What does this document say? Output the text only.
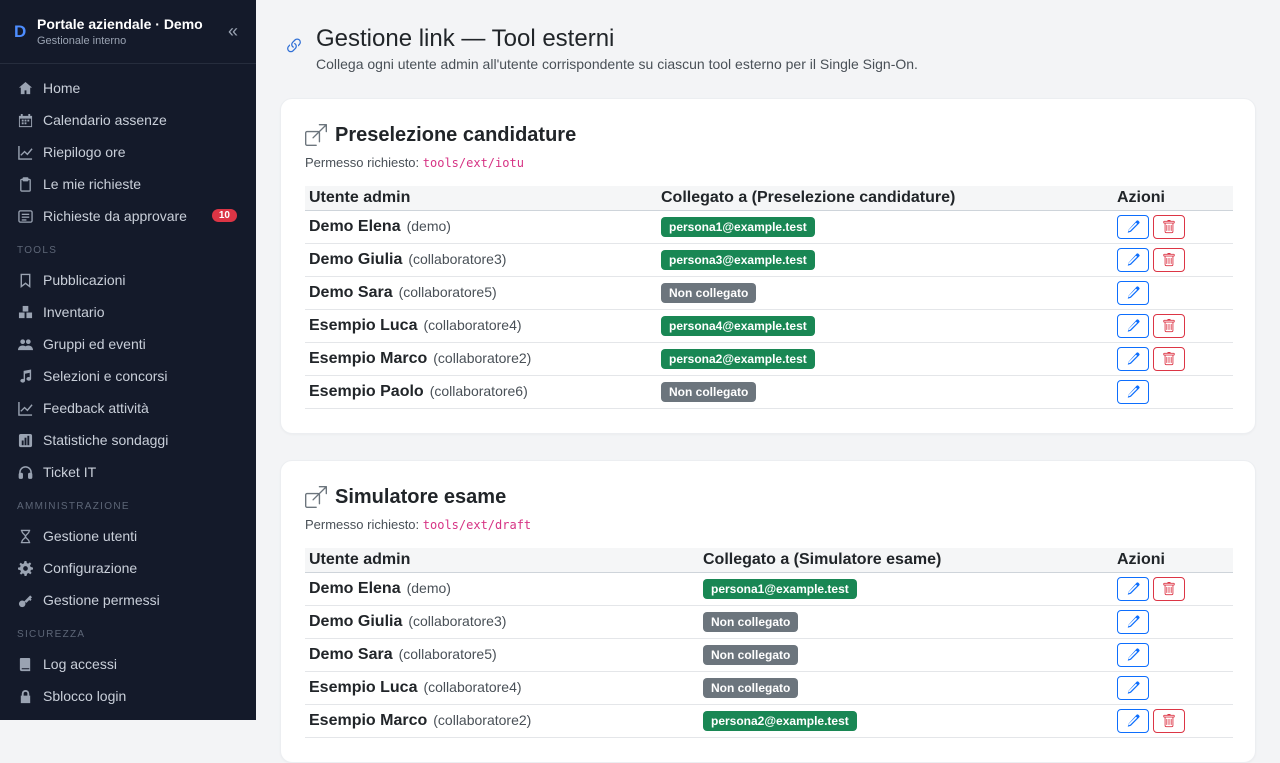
D Portale aziendale · Demo
Gestionale interno	«
Home
Calendario assenze
Riepilogo ore
Le mie richieste
Richieste da approvare	10
TOOLS
Pubblicazioni
Inventario
Gruppi ed eventi
Selezioni e concorsi
Feedback attività
Statistiche sondaggi
Ticket IT
AMMINISTRAZIONE
Gestione utenti
Configurazione
Gestione permessi
SICUREZZA
Log accessi
Sblocco login
Gestione link — Tool esterni
Collega ogni utente admin all'utente corrispondente su ciascun tool esterno per il Single Sign-On.
Preselezione candidature
Permesso richiesto: tools/ext/iotu
Utente admin	Collegato a (Preselezione candidature)	Azioni
Demo Elena (demo)	persona1@example.test	

Demo Giulia (collaboratore3)	persona3@example.test	

Demo Sara (collaboratore5)	Non collegato	

Esempio Luca (collaboratore4)	persona4@example.test	

Esempio Marco (collaboratore2)	persona2@example.test	

Esempio Paolo (collaboratore6)	Non collegato	
Simulatore esame
Permesso richiesto: tools/ext/draft
Utente admin	Collegato a (Simulatore esame)	Azioni
Demo Elena (demo)	persona1@example.test	

Demo Giulia (collaboratore3)	Non collegato	

Demo Sara (collaboratore5)	Non collegato	

Esempio Luca (collaboratore4)	Non collegato	

Esempio Marco (collaboratore2)	persona2@example.test	
